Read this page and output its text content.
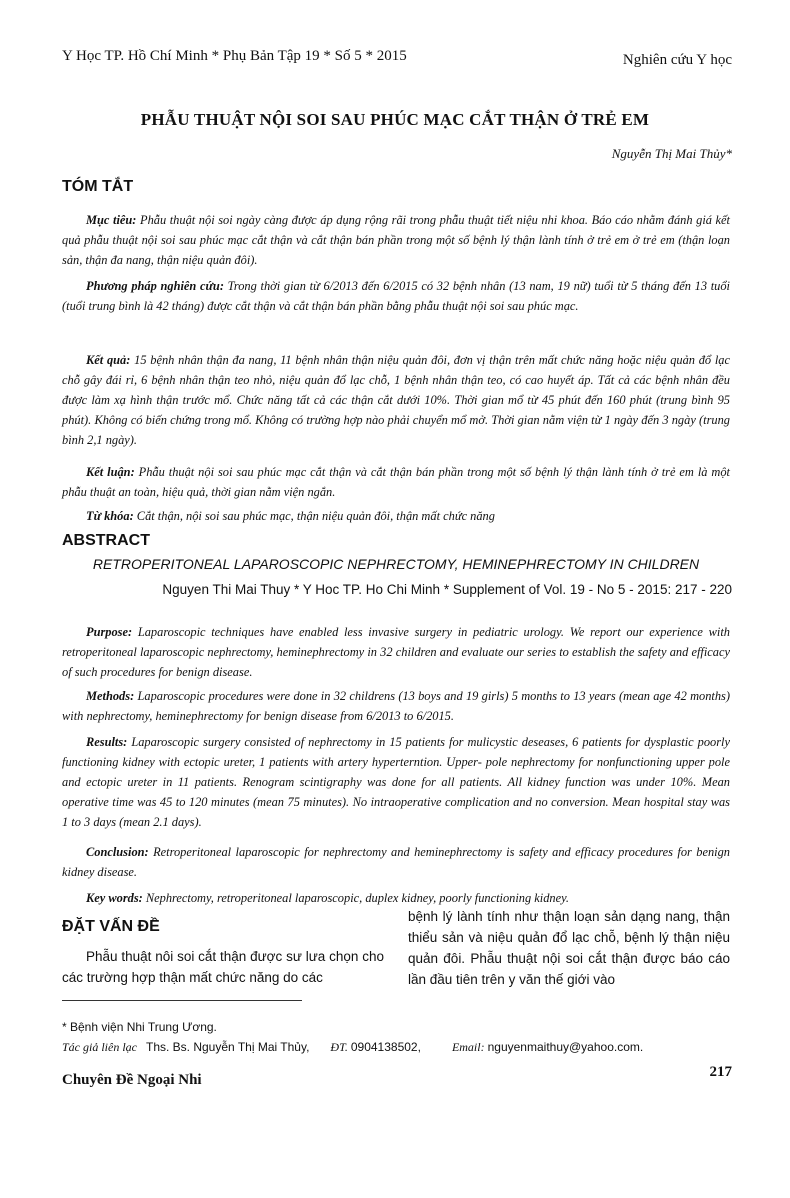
Y Học TP. Hồ Chí Minh * Phụ Bản Tập 19 * Số 5 * 2015	Nghiên cứu Y học
PHẪU THUẬT NỘI SOI SAU PHÚC MẠC CẮT THẬN Ở TRẺ EM
Nguyễn Thị Mai Thủy*
TÓM TẮT
Mục tiêu: Phẫu thuật nội soi ngày càng được áp dụng rộng rãi trong phẫu thuật tiết niệu nhi khoa. Báo cáo nhằm đánh giá kết quả phẫu thuật nội soi sau phúc mạc cắt thận và cắt thận bán phần trong một số bệnh lý thận lành tính ở trẻ em ở trẻ em (thận loạn sản, thận đa nang, thận niệu quản đôi).
Phương pháp nghiên cứu: Trong thời gian từ 6/2013 đến 6/2015 có 32 bệnh nhân (13 nam, 19 nữ) tuổi từ 5 tháng đến 13 tuổi (tuổi trung bình là 42 tháng) được cắt thận và cắt thận bán phần bằng phẫu thuật nội soi sau phúc mạc.
Kết quả: 15 bệnh nhân thận đa nang, 11 bệnh nhân thận niệu quản đôi, đơn vị thận trên mất chức năng hoặc niệu quản đổ lạc chỗ gây đái rỉ, 6 bệnh nhân thận teo nhỏ, niệu quản đổ lạc chỗ, 1 bệnh nhân thận teo, có cao huyết áp. Tất cả các bệnh nhân đều được làm xạ hình thận trước mổ. Chức năng tất cả các thận cắt dưới 10%. Thời gian mổ từ 45 phút đến 160 phút (trung bình 95 phút). Không có biến chứng trong mổ. Không có trường hợp nào phải chuyển mổ mở. Thời gian nằm viện từ 1 ngày đến 3 ngày (trung bình 2,1 ngày).
Kết luận: Phẫu thuật nội soi sau phúc mạc cắt thận và cắt thận bán phần trong một số bệnh lý thận lành tính ở trẻ em là một phẫu thuật an toàn, hiệu quả, thời gian nằm viện ngắn.
Từ khóa: Cắt thận, nội soi sau phúc mạc, thận niệu quản đôi, thận mất chức năng
ABSTRACT
RETROPERITONEAL LAPAROSCOPIC NEPHRECTOMY, HEMINEPHRECTOMY IN CHILDREN
Nguyen Thi Mai Thuy * Y Hoc TP. Ho Chi Minh * Supplement of Vol. 19 - No 5 - 2015: 217 - 220
Purpose: Laparoscopic techniques have enabled less invasive surgery in pediatric urology. We report our experience with retroperitoneal laparoscopic nephrectomy, heminephrectomy in 32 children and evaluate our series to establish the safety and efficacy of such procedures for benign disease.
Methods: Laparoscopic procedures were done in 32 childrens (13 boys and 19 girls) 5 months to 13 years (mean age 42 months) with nephrectomy, heminephrectomy for benign disease from 6/2013 to 6/2015.
Results: Laparoscopic surgery consisted of nephrectomy in 15 patients for mulicystic deseases, 6 patients for dysplastic poorly functioning kidney with ectopic ureter, 1 patients with artery hyperterntion. Upper- pole nephrectomy for nonfunctioning upper pole and ectopic ureter in 11 patients. Renogram scintigraphy was done for all patients. All kidney function was under 10%. Mean operative time was 45 to 120 minutes (mean 75 minutes). No intraoperative complication and no conversion. Mean hospital stay was 1 to 3 days (mean 2.1 days).
Conclusion: Retroperitoneal laparoscopic for nephrectomy and heminephrectomy is safety and efficacy procedures for benign kidney disease.
Key words: Nephrectomy, retroperitoneal laparoscopic, duplex kidney, poorly functioning kidney.
ĐẶT VẤN ĐỀ
Phẫu thuật nôi soi cắt thận được sư lưa chọn cho các trường hợp thận mất chức năng do các
bệnh lý lành tính như thận loạn sản dạng nang, thận thiểu sản và niệu quản đổ lạc chỗ, bệnh lý thận niệu quản đôi. Phẫu thuật nội soi cắt thận được báo cáo lần đầu tiên trên y văn thế giới vào
* Bệnh viện Nhi Trung Ương.
Tác giả liên lạc Ths. Bs. Nguyễn Thị Mai Thủy, ĐT. 0904138502,	Email: nguyenmaithuy@yahoo.com.
Chuyên Đề Ngoại Nhi	217
